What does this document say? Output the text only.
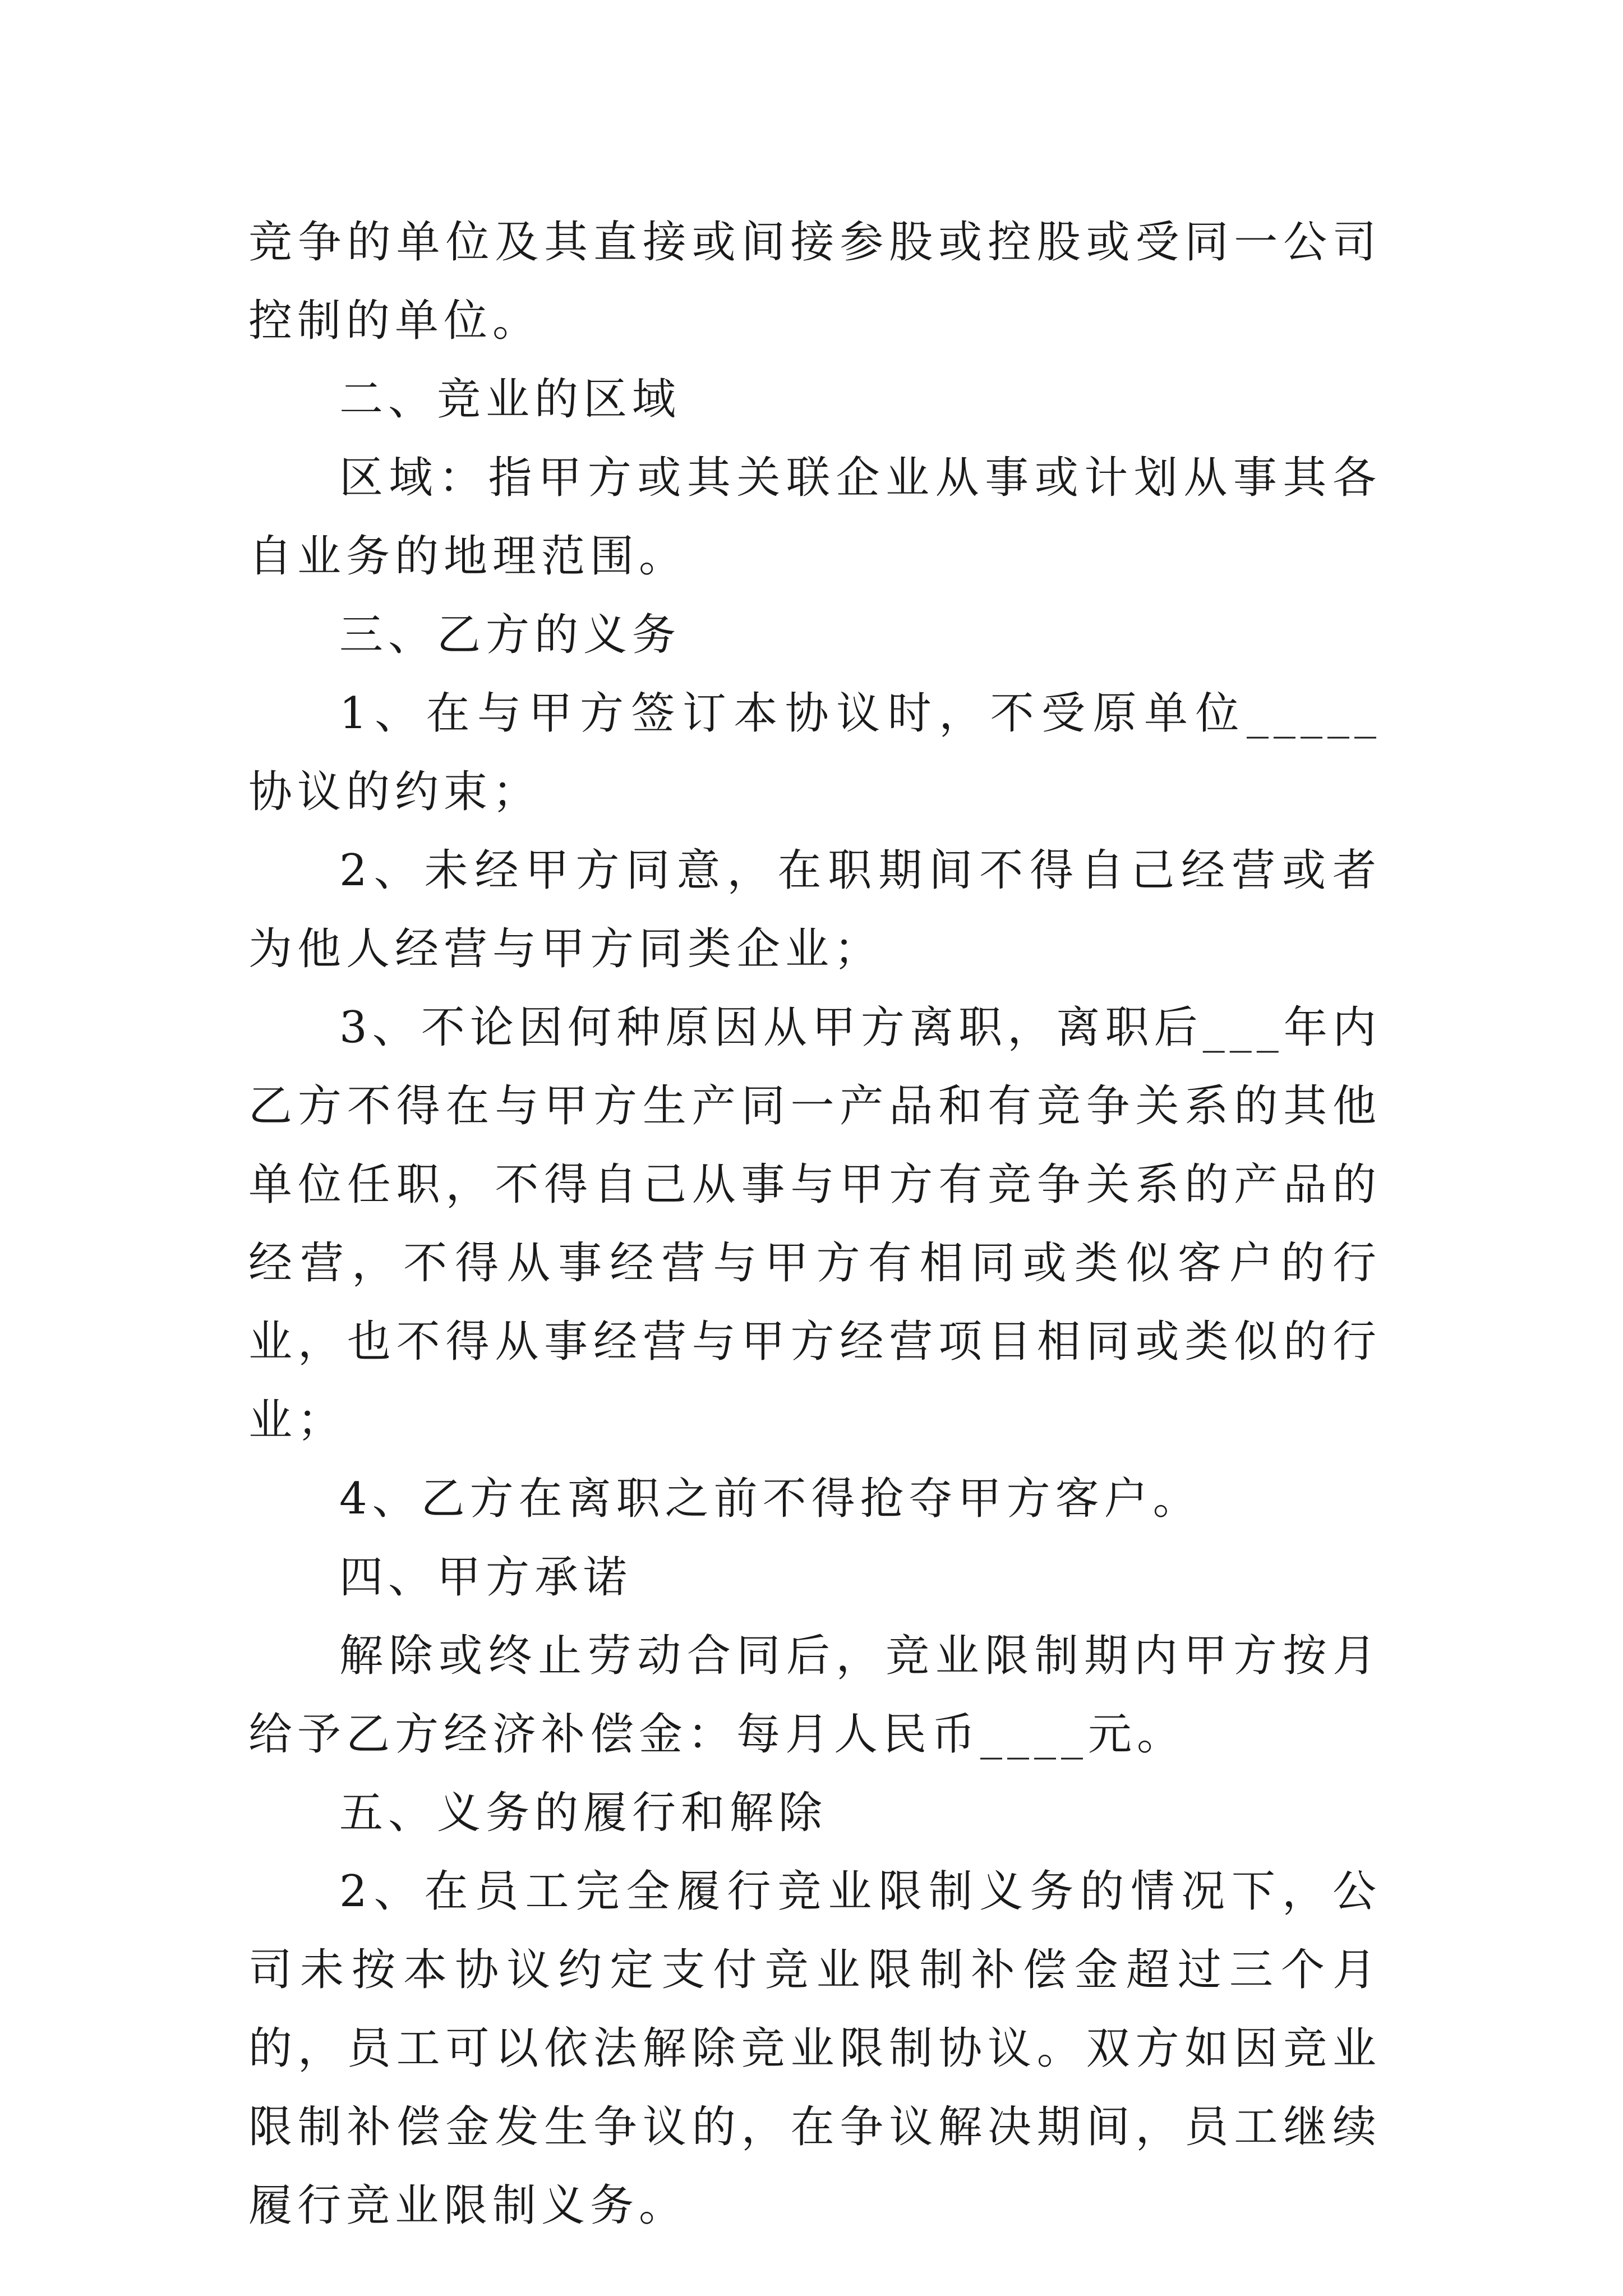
竞争的单位及其直接或间接参股或控股或受同一公司控制的单位。

二、竞业的区域

区域：指甲方或其关联企业从事或计划从事其各自业务的地理范围。

三、乙方的义务

1、在与甲方签订本协议时，不受原单位_____协议的约束；

2、未经甲方同意，在职期间不得自己经营或者为他人经营与甲方同类企业；

3、不论因何种原因从甲方离职，离职后___年内乙方不得在与甲方生产同一产品和有竞争关系的其他单位任职，不得自己从事与甲方有竞争关系的产品的经营，不得从事经营与甲方有相同或类似客户的行业，也不得从事经营与甲方经营项目相同或类似的行业；

4、乙方在离职之前不得抢夺甲方客户。

四、甲方承诺

解除或终止劳动合同后，竞业限制期内甲方按月给予乙方经济补偿金：每月人民币____元。

五、义务的履行和解除

2、在员工完全履行竞业限制义务的情况下，公司未按本协议约定支付竞业限制补偿金超过三个月的，员工可以依法解除竞业限制协议。双方如因竞业限制补偿金发生争议的，在争议解决期间，员工继续履行竞业限制义务。
